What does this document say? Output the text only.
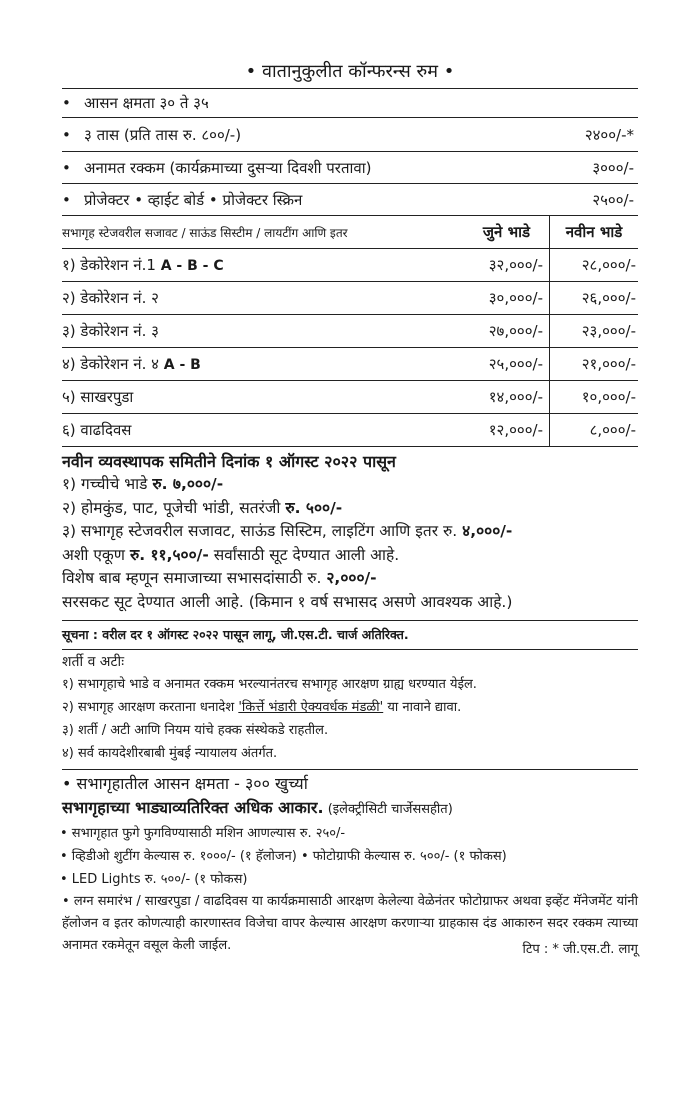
• वातानुकुलीत कॉन्फरन्स रुम •
• आसन क्षमता ३० ते ३५
• ३ तास (प्रति तास रु. ८००/-)	२४००/-*
• अनामत रक्कम (कार्यक्रमाच्या दुसऱ्या दिवशी परतावा)	३०००/-
• प्रोजेक्टर • व्हाईट बोर्ड • प्रोजेक्टर स्क्रिन	२५००/-
सभागृह स्टेजवरील सजावट / साऊंड सिस्टीम / लायटींग आणि इतर	जुने भाडे	नवीन भाडे
१) डेकोरेशन नं.1 A - B - C	३२,०००/-	२८,०००/-
२) डेकोरेशन नं. २	३०,०००/-	२६,०००/-
३) डेकोरेशन नं. ३	२७,०००/-	२३,०००/-
४) डेकोरेशन नं. ४ A - B	२५,०००/-	२१,०००/-
५) साखरपुडा	१४,०००/-	१०,०००/-
६) वाढदिवस	१२,०००/-	८,०००/-
नवीन व्यवस्थापक समितीने दिनांक १ ऑगस्ट २०२२ पासून
१) गच्चीचे भाडे रु. ७,०००/-
२) होमकुंड, पाट, पूजेची भांडी, सतरंजी रु. ५००/-
३) सभागृह स्टेजवरील सजावट, साऊंड सिस्टिम, लाइटिंग आणि इतर रु. ४,०००/-
अशी एकूण रु. ११,५००/- सर्वांसाठी सूट देण्यात आली आहे.
विशेष बाब म्हणून समाजाच्या सभासदांसाठी रु. २,०००/-
सरसकट सूट देण्यात आली आहे. (किमान १ वर्ष सभासद असणे आवश्यक आहे.)
सूचना : वरील दर १ ऑगस्ट २०२२ पासून लागू, जी.एस.टी. चार्ज अतिरिक्त.
शर्ती व अटीः
१) सभागृहाचे भाडे व अनामत रक्कम भरल्यानंतरच सभागृह आरक्षण ग्राह्य धरण्यात येईल.
२) सभागृह आरक्षण करताना धनादेश 'किर्त्ते भंडारी ऐक्यवर्धक मंडळी' या नावाने द्यावा.
३) शर्ती / अटी आणि नियम यांचे हक्क संस्थेकडे राहतील.
४) सर्व कायदेशीरबाबी मुंबई न्यायालय अंतर्गत.
• सभागृहातील आसन क्षमता - ३०० खुर्च्या
सभागृहाच्या भाड्याव्यतिरिक्त अधिक आकार. (इलेक्ट्रीसिटी चार्जेससहीत)
• सभागृहात फुगे फुगविण्यासाठी मशिन आणल्यास रु. २५०/-
• व्हिडीओ शुटींग केल्यास रु. १०००/- (१ हॅलोजन) • फोटोग्राफी केल्यास रु. ५००/- (१ फोकस)
• LED Lights रु. ५००/- (१ फोकस)
• लग्न समारंभ / साखरपुडा / वाढदिवस या कार्यक्रमासाठी आरक्षण केलेल्या वेळेनंतर फोटोग्राफर अथवा इव्हेंट मॅनेजमेंट यांनी हॅलोजन व इतर कोणत्याही कारणास्तव विजेचा वापर केल्यास आरक्षण करणाऱ्या ग्राहकास दंड आकारुन सदर रक्कम त्याच्या अनामत रकमेतून वसूल केली जाईल.	टिप : * जी.एस.टी. लागू
